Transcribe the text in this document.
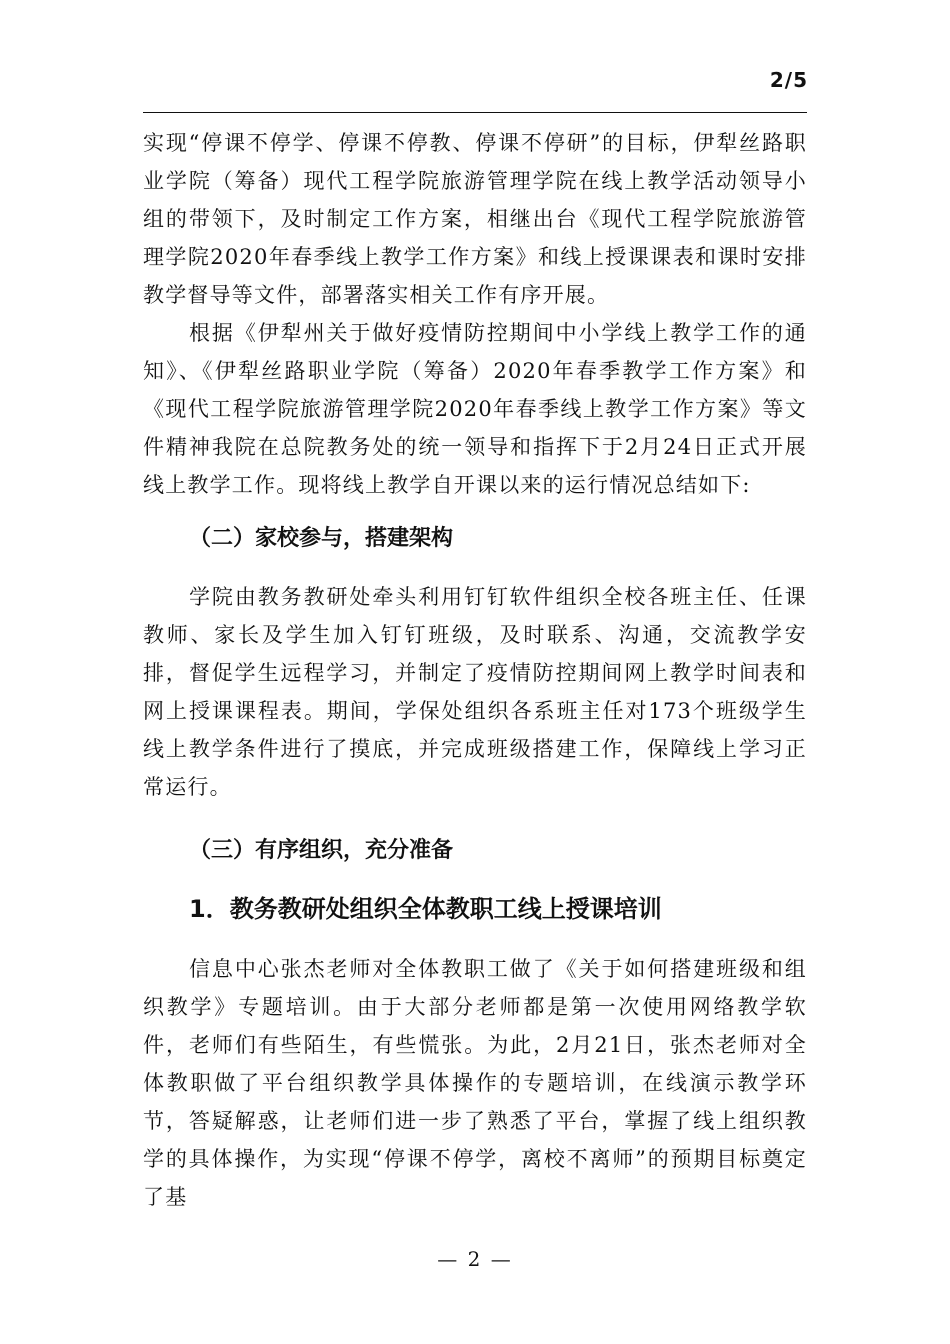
2/5

实现“停课不停学、停课不停教、停课不停研”的目标，伊犁丝路职业学院（筹备）现代工程学院旅游管理学院在线上教学活动领导小组的带领下，及时制定工作方案，相继出台《现代工程学院旅游管理学院2020年春季线上教学工作方案》和线上授课课表和课时安排教学督导等文件，部署落实相关工作有序开展。

根据《伊犁州关于做好疫情防控期间中小学线上教学工作的通知》、《伊犁丝路职业学院（筹备）2020年春季教学工作方案》和《现代工程学院旅游管理学院2020年春季线上教学工作方案》等文件精神我院在总院教务处的统一领导和指挥下于2月24日正式开展线上教学工作。现将线上教学自开课以来的运行情况总结如下:

（二）家校参与，搭建架构

学院由教务教研处牵头利用钉钉软件组织全校各班主任、任课教师、家长及学生加入钉钉班级，及时联系、沟通，交流教学安排，督促学生远程学习，并制定了疫情防控期间网上教学时间表和网上授课课程表。期间，学保处组织各系班主任对173个班级学生线上教学条件进行了摸底，并完成班级搭建工作，保障线上学习正常运行。

（三）有序组织，充分准备

1．教务教研处组织全体教职工线上授课培训

信息中心张杰老师对全体教职工做了《关于如何搭建班级和组织教学》专题培训。由于大部分老师都是第一次使用网络教学软件，老师们有些陌生，有些慌张。为此，2月21日，张杰老师对全体教职做了平台组织教学具体操作的专题培训，在线演示教学环节，答疑解惑，让老师们进一步了熟悉了平台，掌握了线上组织教学的具体操作，为实现“停课不停学，离校不离师”的预期目标奠定了基

— 2 —
